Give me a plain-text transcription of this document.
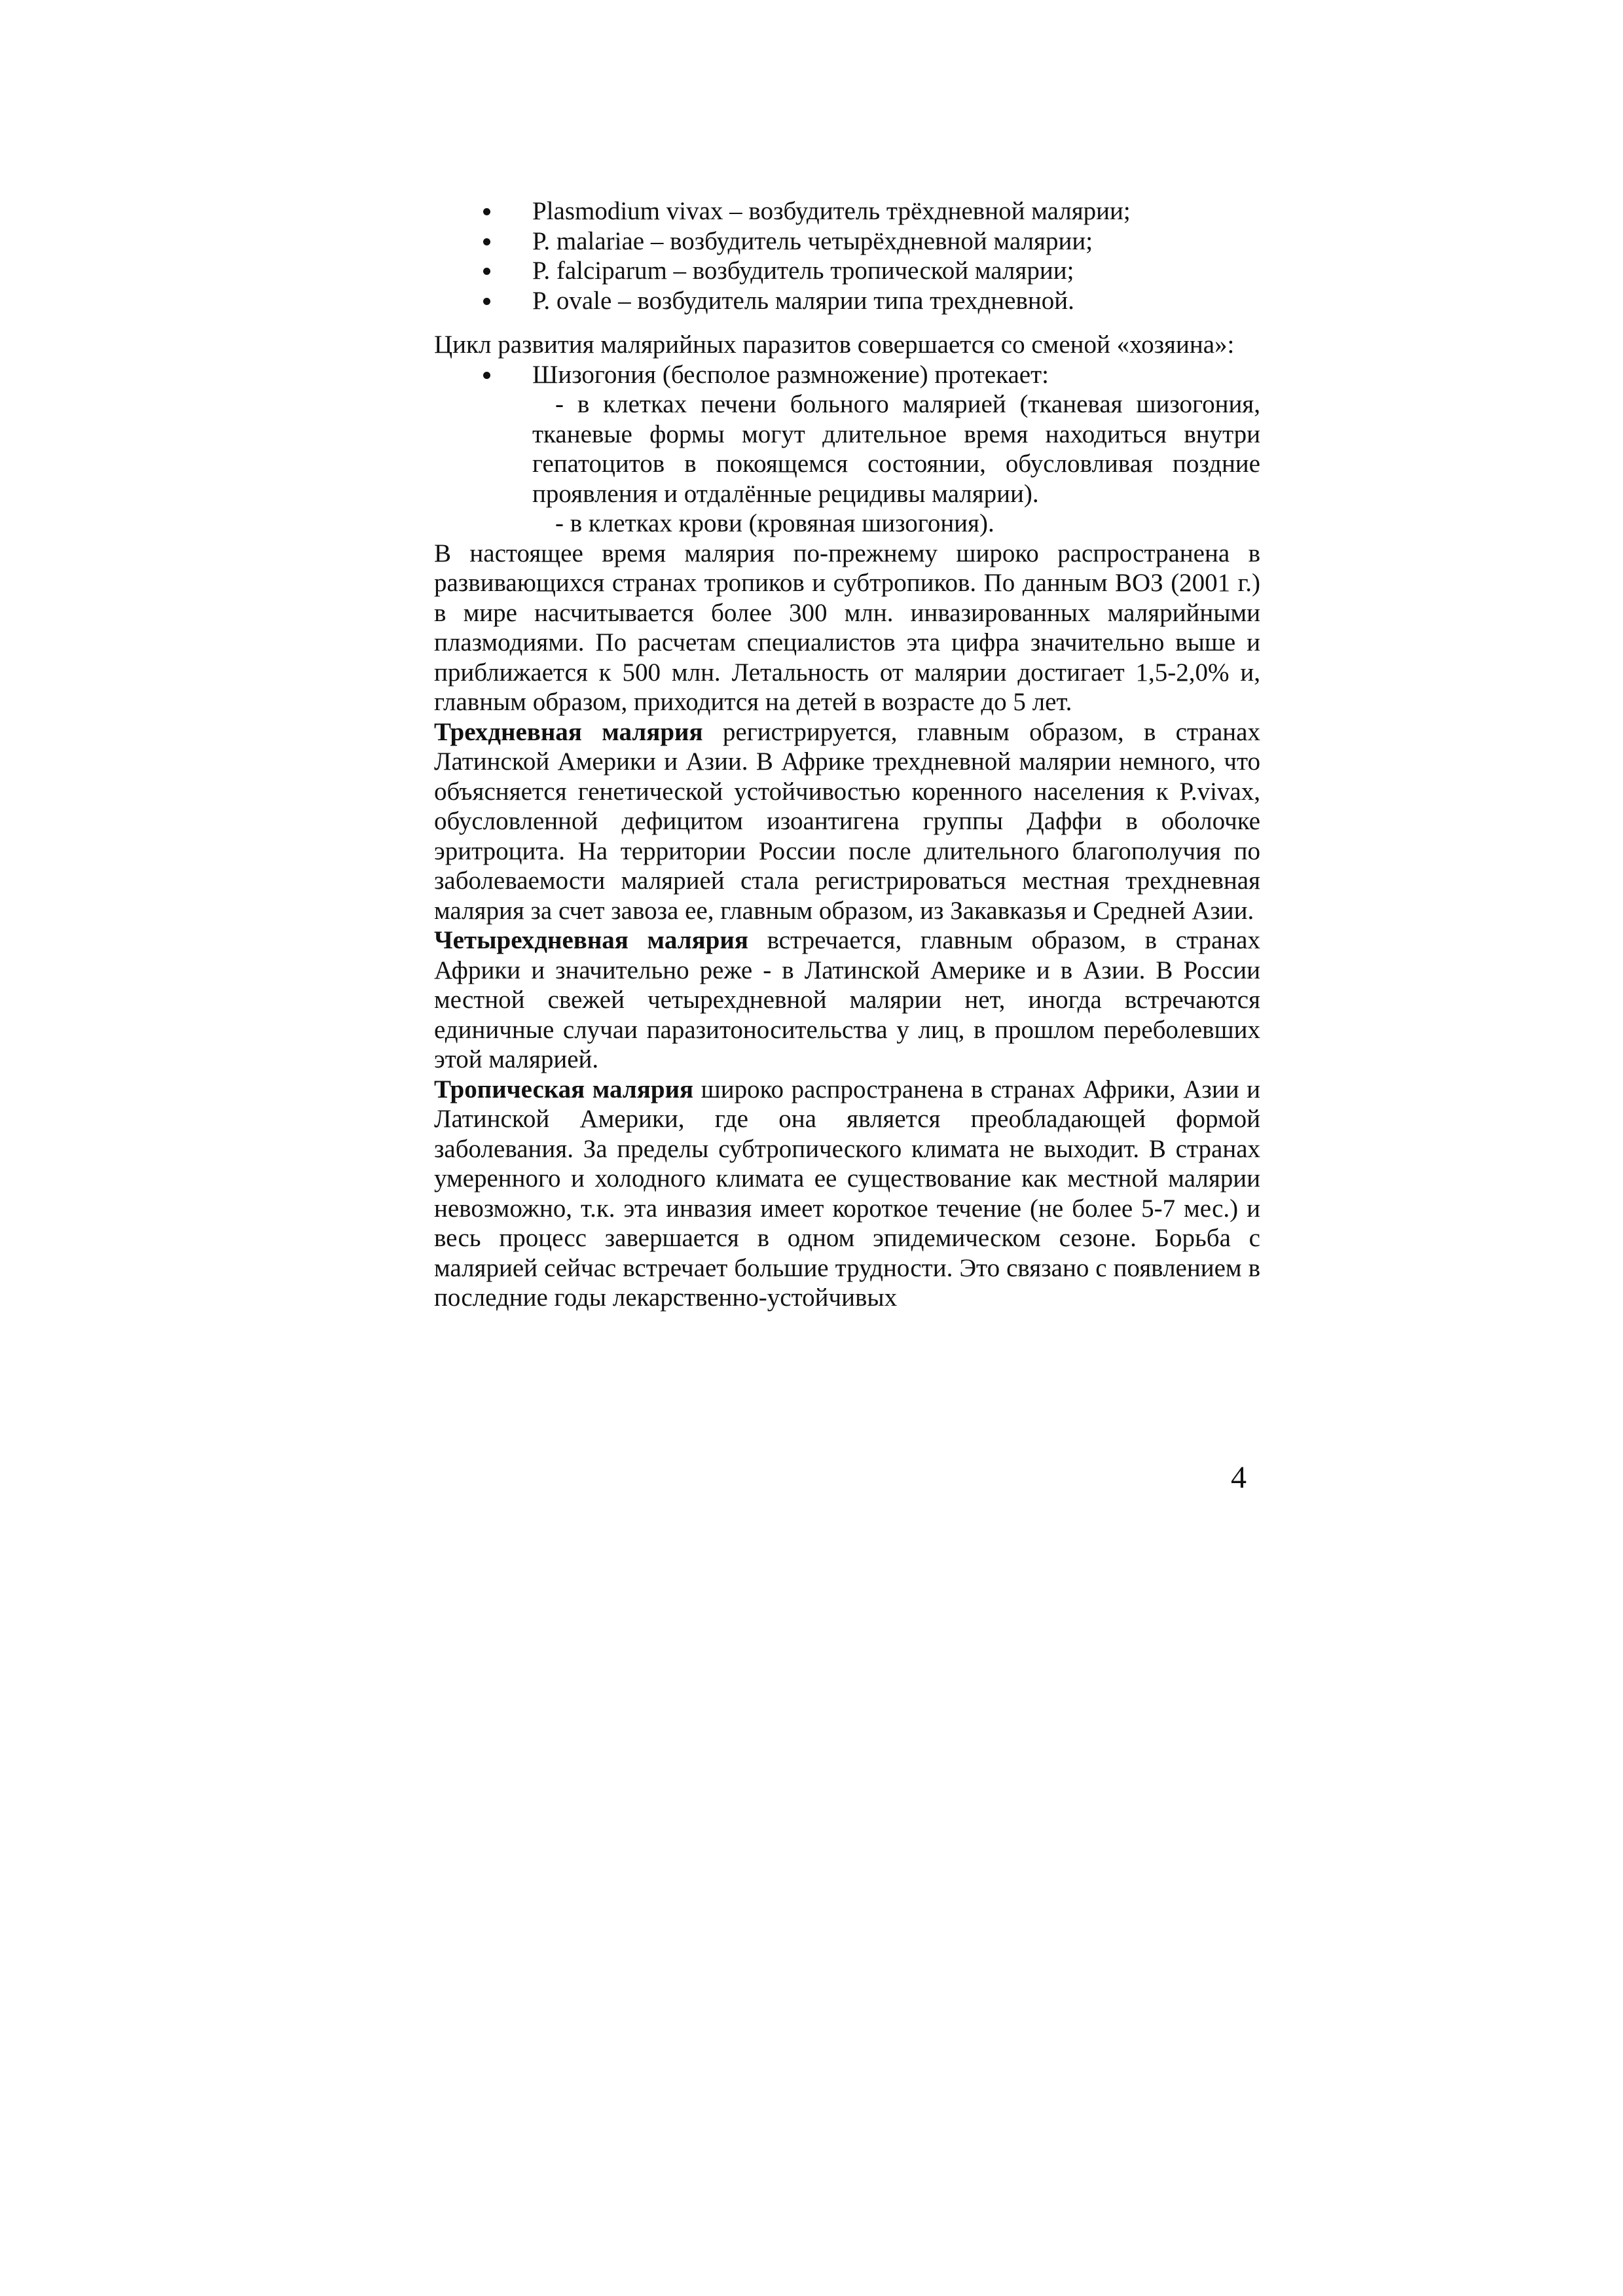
Plasmodium vivax – возбудитель трёхдневной малярии;
P. malariae – возбудитель четырёхдневной малярии;
P. falciparum – возбудитель тропической малярии;
P. ovale – возбудитель малярии типа трехдневной.

Цикл развития малярийных паразитов совершается со сменой «хозяина»:

Шизогония (бесполое размножение) протекает:

- в клетках печени больного малярией (тканевая шизогония, тканевые формы могут длительное время находиться внутри гепатоцитов в покоящемся состоянии, обусловливая поздние проявления и отдалённые рецидивы малярии).

- в клетках крови (кровяная шизогония).

В настоящее время малярия по-прежнему широко распространена в развивающихся странах тропиков и субтропиков. По данным ВОЗ (2001 г.) в мире насчитывается более 300 млн. инвазированных малярийными плазмодиями. По расчетам специалистов эта цифра значительно выше и приближается к 500 млн. Летальность от малярии достигает 1,5-2,0% и, главным образом, приходится на детей в возрасте до 5 лет.

Трехдневная малярия регистрируется, главным образом, в странах Латинской Америки и Азии. В Африке трехдневной малярии немного, что объясняется генетической устойчивостью коренного населения к P.vivax, обусловленной дефицитом изоантигена группы Даффи в оболочке эритроцита. На территории России после длительного благополучия по заболеваемости малярией стала регистрироваться местная трехдневная малярия за счет завоза ее, главным образом, из Закавказья и Средней Азии.

Четырехдневная малярия встречается, главным образом, в странах Африки и значительно реже - в Латинской Америке и в Азии. В России местной свежей четырехдневной малярии нет, иногда встречаются единичные случаи паразитоносительства у лиц, в прошлом переболевших этой малярией.

Тропическая малярия широко распространена в странах Африки, Азии и Латинской Америки, где она является преобладающей формой заболевания. За пределы субтропического климата не выходит. В странах умеренного и холодного климата ее существование как местной малярии невозможно, т.к. эта инвазия имеет короткое течение (не более 5-7 мес.) и весь процесс завершается в одном эпидемическом сезоне. Борьба с малярией сейчас встречает большие трудности. Это связано с появлением в последние годы лекарственно-устойчивых

4
